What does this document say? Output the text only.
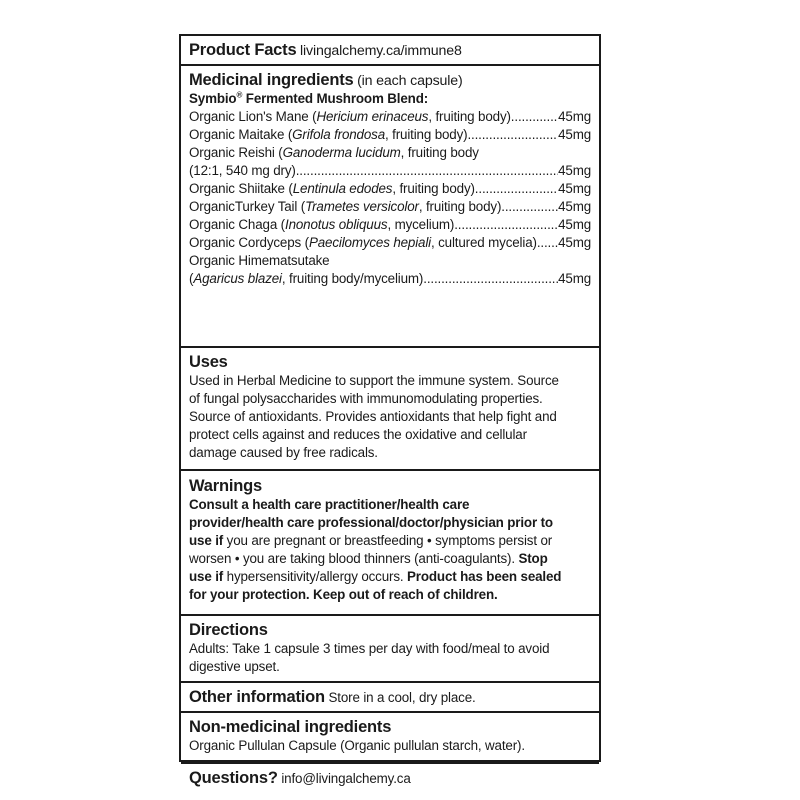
Product Facts livingalchemy.ca/immune8
Medicinal ingredients (in each capsule)
Symbio® Fermented Mushroom Blend:
Organic Lion's Mane (Hericium erinaceus, fruiting body) .....	45mg
Organic Maitake (Grifola frondosa, fruiting body) .....	45mg
Organic Reishi (Ganoderma lucidum, fruiting body
(12:1, 540 mg dry) .....	45mg
Organic Shiitake (Lentinula edodes, fruiting body) .....	45mg
OrganicTurkey Tail (Trametes versicolor, fruiting body) .....	45mg
Organic Chaga (Inonotus obliquus, mycelium) .....	45mg
Organic Cordyceps (Paecilomyces hepiali, cultured mycelia) ..... 45mg
Organic Himematsutake
(Agaricus blazei, fruiting body/mycelium) .....	45mg
Uses
Used in Herbal Medicine to support the immune system. Source
of fungal polysaccharides with immunomodulating properties.
Source of antioxidants. Provides antioxidants that help fight and
protect cells against and reduces the oxidative and cellular
damage caused by free radicals.
Warnings
Consult a health care practitioner/health care
provider/health care professional/doctor/physician prior to
use if you are pregnant or breastfeeding • symptoms persist or
worsen • you are taking blood thinners (anti-coagulants). Stop
use if hypersensitivity/allergy occurs. Product has been sealed
for your protection. Keep out of reach of children.
Directions
Adults: Take 1 capsule 3 times per day with food/meal to avoid
digestive upset.
Other information Store in a cool, dry place.
Non-medicinal ingredients
Organic Pullulan Capsule (Organic pullulan starch, water).
Questions? info@livingalchemy.ca
